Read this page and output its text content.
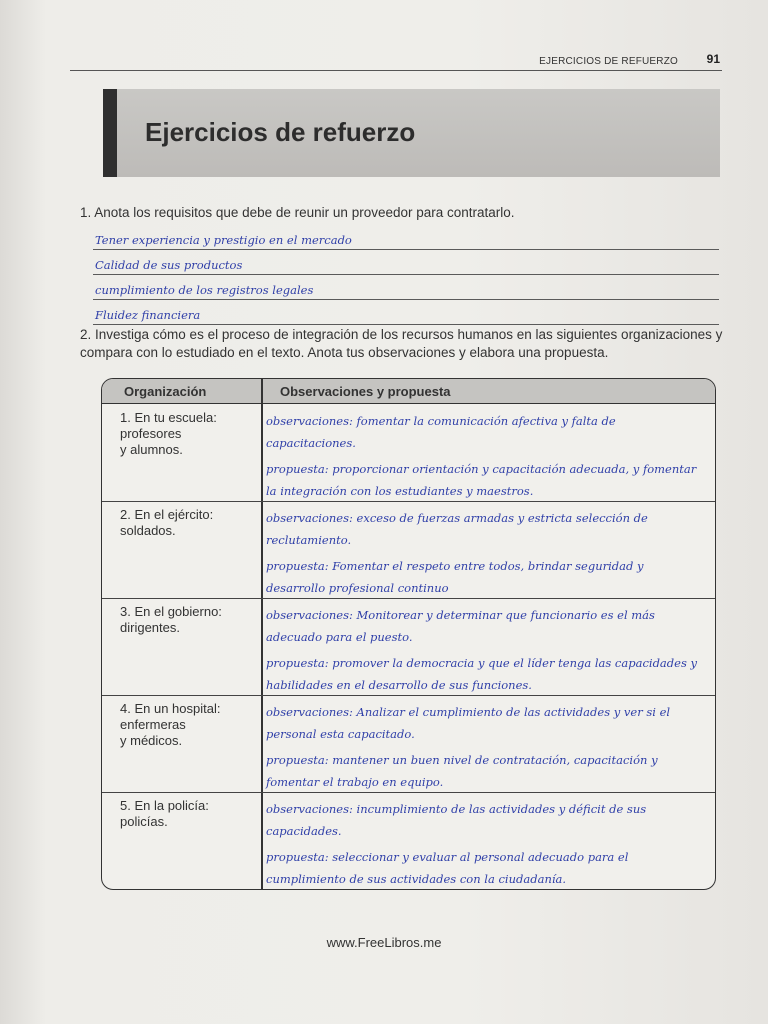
EJERCICIOS DE REFUERZO 91
Ejercicios de refuerzo
1. Anota los requisitos que debe de reunir un proveedor para contratarlo.
Tener experiencia y prestigio en el mercado
Calidad de sus productos
cumplimiento de los registros legales
Fluidez financiera
2. Investiga cómo es el proceso de integración de los recursos humanos en las siguientes organizaciones y compara con lo estudiado en el texto. Anota tus observaciones y elabora una propuesta.
Organización	Observaciones y propuesta
1. En tu escuela:
profesores
y alumnos.
observaciones: fomentar la comunicación afectiva y falta de capacitaciones.
propuesta: proporcionar orientación y capacitación adecuada, y fomentar la integración con los estudiantes y maestros.
2. En el ejército:
soldados.
observaciones: exceso de fuerzas armadas y estricta selección de reclutamiento.
propuesta: Fomentar el respeto entre todos, brindar seguridad y desarrollo profesional continuo
3. En el gobierno:
dirigentes.
observaciones: Monitorear y determinar que funcionario es el más adecuado para el puesto.
propuesta: promover la democracia y que el líder tenga las capacidades y habilidades en el desarrollo de sus funciones.
4. En un hospital:
enfermeras
y médicos.
observaciones: Analizar el cumplimiento de las actividades y ver si el personal esta capacitado.
propuesta: mantener un buen nivel de contratación, capacitación y fomentar el trabajo en equipo.
5. En la policía:
policías.
observaciones: incumplimiento de las actividades y déficit de sus capacidades.
propuesta: seleccionar y evaluar al personal adecuado para el cumplimiento de sus actividades con la ciudadanía.
www.FreeLibros.me
